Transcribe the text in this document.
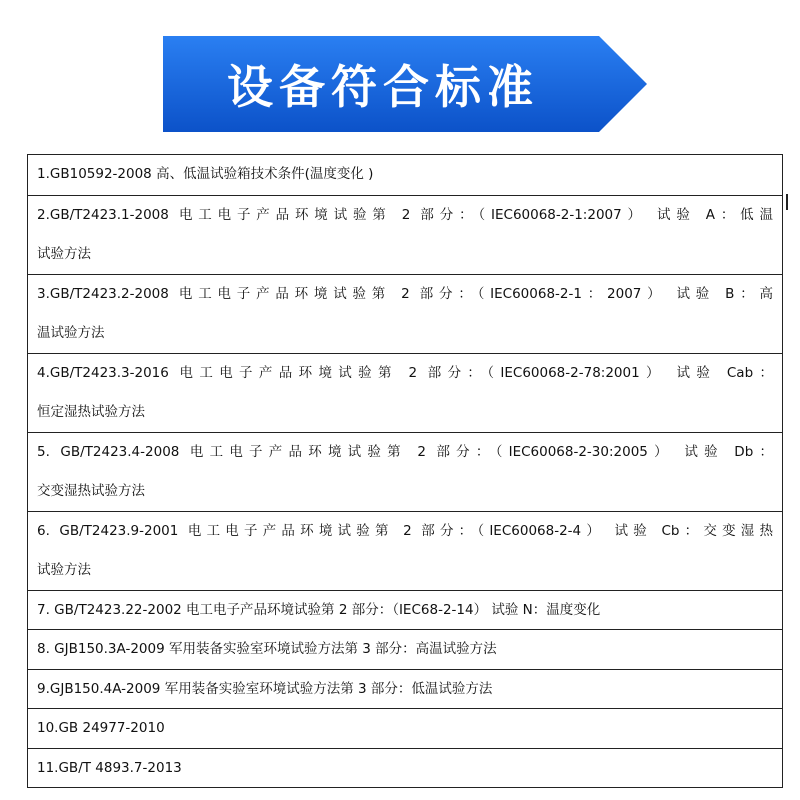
设备符合标准
1.GB10592-2008 高、低温试验箱技术条件(温度变化 )
2.GB/T2423.1-2008 电工电子产品环境试验第 2 部分：（IEC60068-2-1:2007） 试验 A：低温
试验方法
3.GB/T2423.2-2008 电工电子产品环境试验第 2 部分：（IEC60068-2-1：2007） 试验 B：高
温试验方法
4.GB/T2423.3-2016 电工电子产品环境试验第 2 部分：（IEC60068-2-78:2001） 试验 Cab：
恒定湿热试验方法
5. GB/T2423.4-2008 电工电子产品环境试验第 2 部分：（IEC60068-2-30:2005） 试验 Db：
交变湿热试验方法
6. GB/T2423.9-2001 电工电子产品环境试验第 2 部分：（IEC60068-2-4） 试验 Cb：交变湿热
试验方法
7. GB/T2423.22-2002 电工电子产品环境试验第 2 部分：（IEC68-2-14） 试验 N：温度变化
8. GJB150.3A-2009 军用装备实验室环境试验方法第 3 部分：高温试验方法
9.GJB150.4A-2009 军用装备实验室环境试验方法第 3 部分：低温试验方法
10.GB 24977-2010
11.GB/T 4893.7-2013
